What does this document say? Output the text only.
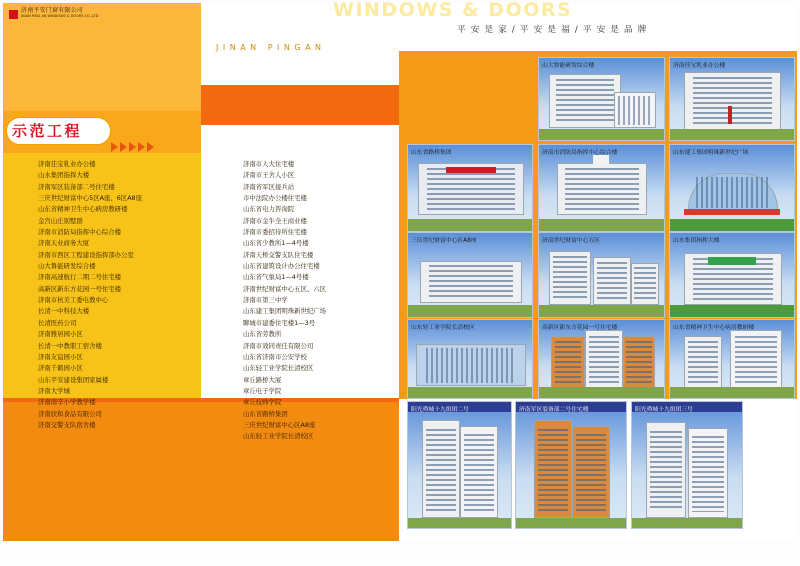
济南平安门窗有限公司
JINAN PING AN WINDOWS & DOORS CO.,LTD
JINAN PINGAN
示范工程
济南佳宝乳业办公楼
山水集团指挥大楼
济南军区装备部二号住宅楼
三庆世纪财富中心5区A座、6区A8座
山东省精神卫生中心病房教研楼
金宫山庄别墅群
济南市消防局指挥中心综合楼
济南天业商务大厦
济南市西区工程建设指挥部办公室
山大鲁能研发综合楼
济南高速航行二期二号住宅楼
高新区新东方花园一号住宅楼
济南市杭美工委电教中心
长清一中科技大楼
长清医药公司
济南雅居园小区
长清一中教职工宿舍楼
济南友谊园小区
济南千鹤园小区
山东平安建设集团家属楼
济南大学城
济南南辛小学教学楼
济南欣和食品有限公司
济南交警支队宿舍楼
济南市人大住宅楼
济南市王舍人小区
济南省军区接兵站
市中法院办公楼住宅楼
山东省电力咨询院
济南市金牛全王商业楼
济南市委招待所住宅楼
山东省少教所1—4号楼
济南天桥交警支队住宅楼
山东省建筑设计办公住宅楼
山东省气象局1—4号楼
济南世纪财富中心五区、六区
济南市第三中学
山东建工集团明珠新世纪广场
聊城市建委住宅楼1—3号
山东省劳教所
济南市效同责任有限公司
山东省济南市公安学校
山东轻工业学院长清校区
章丘路桥大厦
章丘电子学院
章丘技师学院
山东省路桥集团
三庆世纪财富中心区A8座
山东轻工业学院长清校区
WINDOWS & DOORS
平 安 是 家 / 平 安 是 福 / 平 安 是 品 牌
山大鲁能研发综合楼	济南佳宝乳业办公楼
山东省路桥集团	济南市消防局指挥中心综合楼	山东建工集团明珠新世纪广场
三庆世纪财富中心区A8座	济南世纪财富中心五区	山水集团指挥大楼
山东轻工业学院长清校区	高新区新东方花园一号住宅楼	山东省精神卫生中心病房教研楼
阳光舜城十九组团二号	济南军区装备部二号住宅楼	阳光舜城十九组团三号
